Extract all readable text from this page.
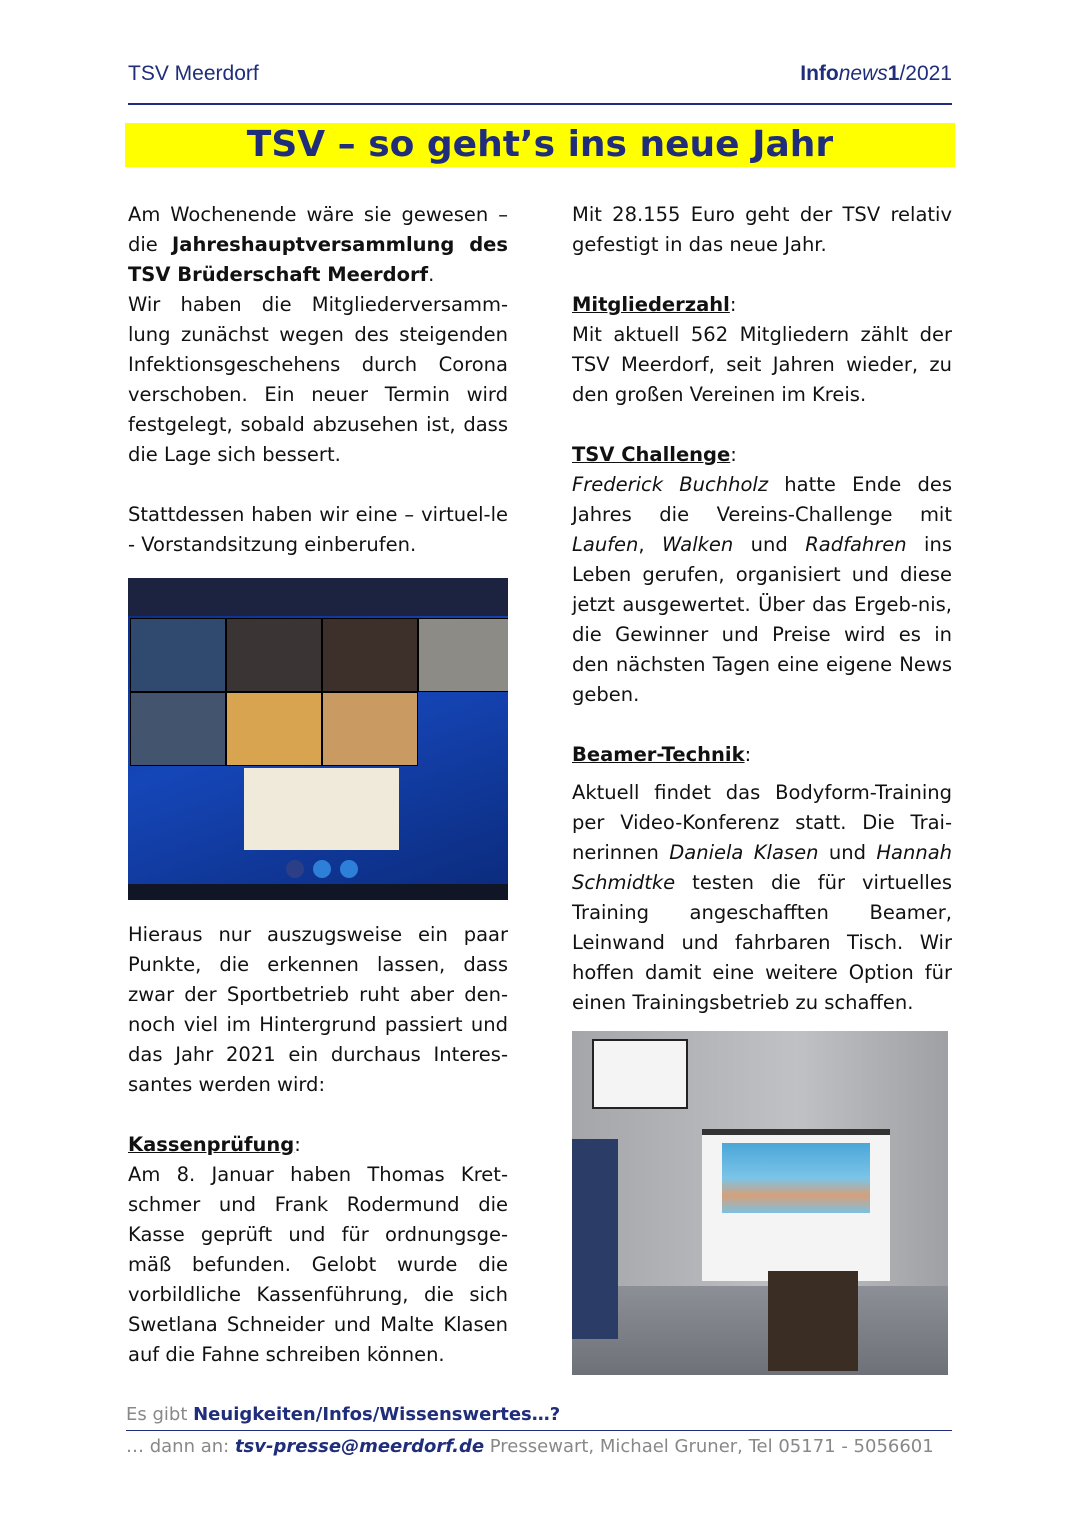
TSV Meerdorf	Infonews1/2021
TSV – so geht’s ins neue Jahr

Am Wochenende wäre sie gewesen – die Jahreshauptversammlung des TSV Brüderschaft Meerdorf.

Wir haben die Mitgliederversamm-lung zunächst wegen des steigenden Infektionsgeschehens durch Corona verschoben. Ein neuer Termin wird festgelegt, sobald abzusehen ist, dass die Lage sich bessert.

Stattdessen haben wir eine – virtuel-le - Vorstandsitzung einberufen.

Hieraus nur auszugsweise ein paar Punkte, die erkennen lassen, dass zwar der Sportbetrieb ruht aber den-noch viel im Hintergrund passiert und das Jahr 2021 ein durchaus Interes-santes werden wird:

Kassenprüfung:

Am 8. Januar haben Thomas Kret-schmer und Frank Rodermund die Kasse geprüft und für ordnungsge-mäß befunden. Gelobt wurde die vorbildliche Kassenführung, die sich Swetlana Schneider und Malte Klasen auf die Fahne schreiben können.

Mit 28.155 Euro geht der TSV relativ gefestigt in das neue Jahr.

Mitgliederzahl:

Mit aktuell 562 Mitgliedern zählt der TSV Meerdorf, seit Jahren wieder, zu den großen Vereinen im Kreis.

TSV Challenge:

Frederick Buchholz hatte Ende des Jahres die Vereins-Challenge mit Laufen, Walken und Radfahren ins Leben gerufen, organisiert und diese jetzt ausgewertet. Über das Ergeb-nis, die Gewinner und Preise wird es in den nächsten Tagen eine eigene News geben.

Beamer-Technik:

Aktuell findet das Bodyform-Training per Video-Konferenz statt. Die Trai-nerinnen Daniela Klasen und Hannah Schmidtke testen die für virtuelles Training angeschafften Beamer, Leinwand und fahrbaren Tisch. Wir hoffen damit eine weitere Option für einen Trainingsbetrieb zu schaffen.

Es gibt Neuigkeiten/Infos/Wissenswertes…?
… dann an: tsv-presse@meerdorf.de Pressewart, Michael Gruner, Tel 05171 - 5056601
